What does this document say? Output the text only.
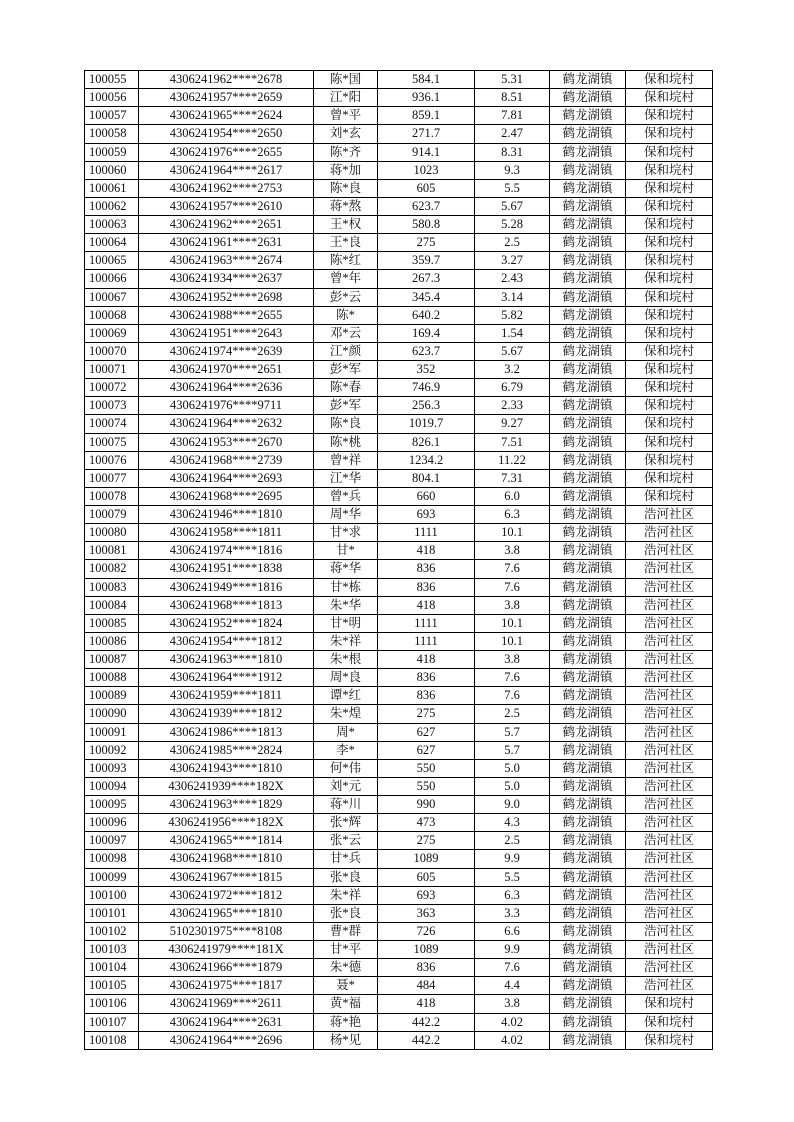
100055	4306241962****2678	陈*国	584.1	5.31	鹤龙湖镇	保和垸村
100056	4306241957****2659	江*阳	936.1	8.51	鹤龙湖镇	保和垸村
100057	4306241965****2624	曾*平	859.1	7.81	鹤龙湖镇	保和垸村
100058	4306241954****2650	刘*玄	271.7	2.47	鹤龙湖镇	保和垸村
100059	4306241976****2655	陈*齐	914.1	8.31	鹤龙湖镇	保和垸村
100060	4306241964****2617	蒋*加	1023	9.3	鹤龙湖镇	保和垸村
100061	4306241962****2753	陈*良	605	5.5	鹤龙湖镇	保和垸村
100062	4306241957****2610	蒋*熬	623.7	5.67	鹤龙湖镇	保和垸村
100063	4306241962****2651	王*权	580.8	5.28	鹤龙湖镇	保和垸村
100064	4306241961****2631	王*良	275	2.5	鹤龙湖镇	保和垸村
100065	4306241963****2674	陈*红	359.7	3.27	鹤龙湖镇	保和垸村
100066	4306241934****2637	曾*年	267.3	2.43	鹤龙湖镇	保和垸村
100067	4306241952****2698	彭*云	345.4	3.14	鹤龙湖镇	保和垸村
100068	4306241988****2655	陈*	640.2	5.82	鹤龙湖镇	保和垸村
100069	4306241951****2643	邓*云	169.4	1.54	鹤龙湖镇	保和垸村
100070	4306241974****2639	江*颜	623.7	5.67	鹤龙湖镇	保和垸村
100071	4306241970****2651	彭*军	352	3.2	鹤龙湖镇	保和垸村
100072	4306241964****2636	陈*春	746.9	6.79	鹤龙湖镇	保和垸村
100073	4306241976****9711	彭*军	256.3	2.33	鹤龙湖镇	保和垸村
100074	4306241964****2632	陈*良	1019.7	9.27	鹤龙湖镇	保和垸村
100075	4306241953****2670	陈*桃	826.1	7.51	鹤龙湖镇	保和垸村
100076	4306241968****2739	曾*祥	1234.2	11.22	鹤龙湖镇	保和垸村
100077	4306241964****2693	江*华	804.1	7.31	鹤龙湖镇	保和垸村
100078	4306241968****2695	曾*兵	660	6.0	鹤龙湖镇	保和垸村
100079	4306241946****1810	周*华	693	6.3	鹤龙湖镇	浩河社区
100080	4306241958****1811	甘*求	1111	10.1	鹤龙湖镇	浩河社区
100081	4306241974****1816	甘*	418	3.8	鹤龙湖镇	浩河社区
100082	4306241951****1838	蒋*华	836	7.6	鹤龙湖镇	浩河社区
100083	4306241949****1816	甘*栋	836	7.6	鹤龙湖镇	浩河社区
100084	4306241968****1813	朱*华	418	3.8	鹤龙湖镇	浩河社区
100085	4306241952****1824	甘*明	1111	10.1	鹤龙湖镇	浩河社区
100086	4306241954****1812	朱*祥	1111	10.1	鹤龙湖镇	浩河社区
100087	4306241963****1810	朱*根	418	3.8	鹤龙湖镇	浩河社区
100088	4306241964****1912	周*良	836	7.6	鹤龙湖镇	浩河社区
100089	4306241959****1811	谭*红	836	7.6	鹤龙湖镇	浩河社区
100090	4306241939****1812	朱*煌	275	2.5	鹤龙湖镇	浩河社区
100091	4306241986****1813	周*	627	5.7	鹤龙湖镇	浩河社区
100092	4306241985****2824	李*	627	5.7	鹤龙湖镇	浩河社区
100093	4306241943****1810	何*伟	550	5.0	鹤龙湖镇	浩河社区
100094	4306241939****182X	刘*元	550	5.0	鹤龙湖镇	浩河社区
100095	4306241963****1829	蒋*川	990	9.0	鹤龙湖镇	浩河社区
100096	4306241956****182X	张*辉	473	4.3	鹤龙湖镇	浩河社区
100097	4306241965****1814	张*云	275	2.5	鹤龙湖镇	浩河社区
100098	4306241968****1810	甘*兵	1089	9.9	鹤龙湖镇	浩河社区
100099	4306241967****1815	张*良	605	5.5	鹤龙湖镇	浩河社区
100100	4306241972****1812	朱*祥	693	6.3	鹤龙湖镇	浩河社区
100101	4306241965****1810	张*良	363	3.3	鹤龙湖镇	浩河社区
100102	5102301975****8108	曹*群	726	6.6	鹤龙湖镇	浩河社区
100103	4306241979****181X	甘*平	1089	9.9	鹤龙湖镇	浩河社区
100104	4306241966****1879	朱*德	836	7.6	鹤龙湖镇	浩河社区
100105	4306241975****1817	聂*	484	4.4	鹤龙湖镇	浩河社区
100106	4306241969****2611	黄*福	418	3.8	鹤龙湖镇	保和垸村
100107	4306241964****2631	蒋*艳	442.2	4.02	鹤龙湖镇	保和垸村
100108	4306241964****2696	杨*见	442.2	4.02	鹤龙湖镇	保和垸村
